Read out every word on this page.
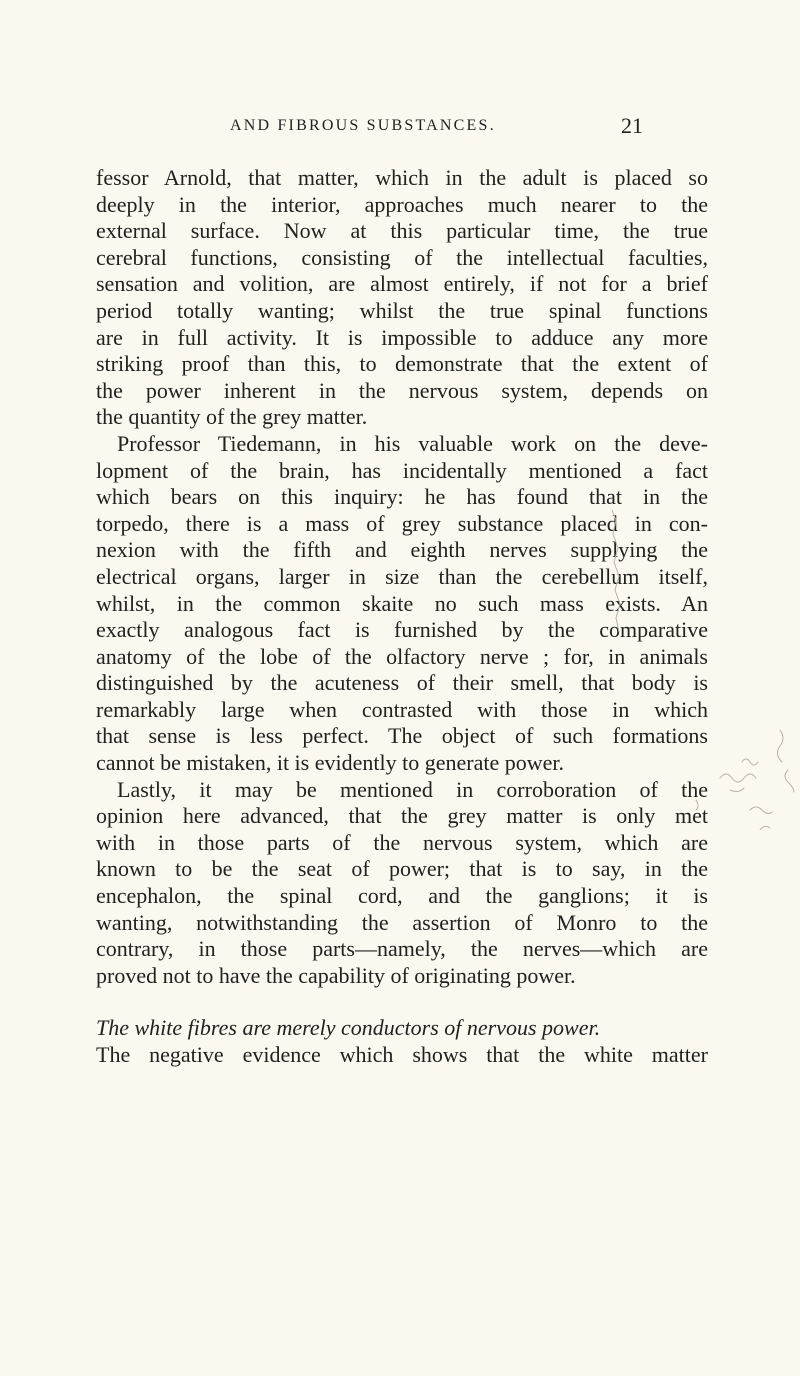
AND FIBROUS SUBSTANCES.	21
fessor Arnold, that matter, which in the adult is placed so
deeply in the interior, approaches much nearer to the
external surface. Now at this particular time, the true
cerebral functions, consisting of the intellectual faculties,
sensation and volition, are almost entirely, if not for a brief
period totally wanting; whilst the true spinal functions
are in full activity. It is impossible to adduce any more
striking proof than this, to demonstrate that the extent of
the power inherent in the nervous system, depends on
the quantity of the grey matter.
Professor Tiedemann, in his valuable work on the deve-
lopment of the brain, has incidentally mentioned a fact
which bears on this inquiry: he has found that in the
torpedo, there is a mass of grey substance placed in con-
nexion with the fifth and eighth nerves supplying the
electrical organs, larger in size than the cerebellum itself,
whilst, in the common skaite no such mass exists. An
exactly analogous fact is furnished by the comparative
anatomy of the lobe of the olfactory nerve ; for, in animals
distinguished by the acuteness of their smell, that body is
remarkably large when contrasted with those in which
that sense is less perfect. The object of such formations
cannot be mistaken, it is evidently to generate power.
Lastly, it may be mentioned in corroboration of the
opinion here advanced, that the grey matter is only met
with in those parts of the nervous system, which are
known to be the seat of power; that is to say, in the
encephalon, the spinal cord, and the ganglions; it is
wanting, notwithstanding the assertion of Monro to the
contrary, in those parts—namely, the nerves—which are
proved not to have the capability of originating power.
The white fibres are merely conductors of nervous power.
The negative evidence which shows that the white matter
